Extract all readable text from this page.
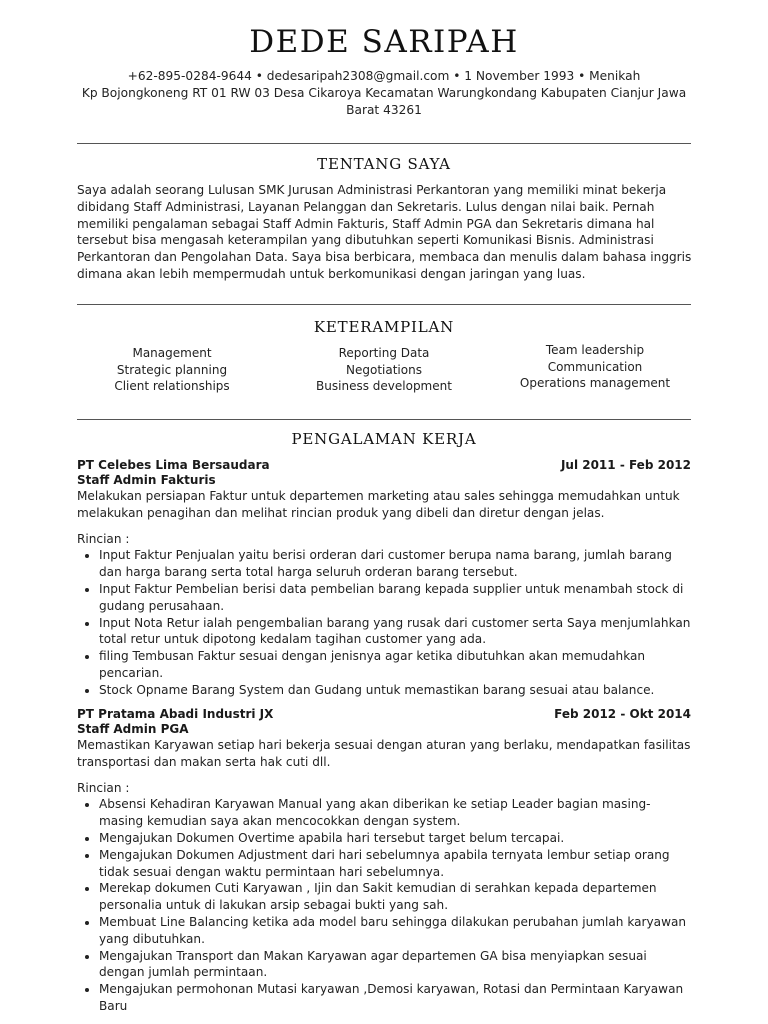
DEDE SARIPAH
+62-895-0284-9644 • dedesaripah2308@gmail.com • 1 November 1993 • Menikah
Kp Bojongkoneng RT 01 RW 03 Desa Cikaroya Kecamatan Warungkondang Kabupaten Cianjur Jawa Barat 43261
TENTANG SAYA
Saya adalah seorang Lulusan SMK Jurusan Administrasi Perkantoran yang memiliki minat bekerja dibidang Staff Administrasi, Layanan Pelanggan dan Sekretaris. Lulus dengan nilai baik. Pernah memiliki pengalaman sebagai Staff Admin Fakturis, Staff Admin PGA dan Sekretaris dimana hal tersebut bisa mengasah keterampilan yang dibutuhkan seperti Komunikasi Bisnis. Administrasi Perkantoran dan Pengolahan Data. Saya bisa berbicara, membaca dan menulis dalam bahasa inggris dimana akan lebih mempermudah untuk berkomunikasi dengan jaringan yang luas.
KETERAMPILAN
Management
Strategic planning
Client relationships
Reporting Data
Negotiations
Business development
Team leadership
Communication
Operations management
PENGALAMAN KERJA
PT Celebes Lima Bersaudara	Jul 2011 - Feb 2012
Staff Admin Fakturis
Melakukan persiapan Faktur untuk departemen marketing atau sales sehingga memudahkan untuk melakukan penagihan dan melihat rincian produk yang dibeli dan diretur dengan jelas.
Rincian :
• Input Faktur Penjualan yaitu berisi orderan dari customer berupa nama barang, jumlah barang dan harga barang serta total harga seluruh orderan barang tersebut.
• Input Faktur Pembelian berisi data pembelian barang kepada supplier untuk menambah stock di gudang perusahaan.
• Input Nota Retur ialah pengembalian barang yang rusak dari customer serta Saya menjumlahkan total retur untuk dipotong kedalam tagihan customer yang ada.
• filing Tembusan Faktur sesuai dengan jenisnya agar ketika dibutuhkan akan memudahkan pencarian.
• Stock Opname Barang System dan Gudang untuk memastikan barang sesuai atau balance.
PT Pratama Abadi Industri JX	Feb 2012 - Okt 2014
Staff Admin PGA
Memastikan Karyawan setiap hari bekerja sesuai dengan aturan yang berlaku, mendapatkan fasilitas transportasi dan makan serta hak cuti dll.
Rincian :
• Absensi Kehadiran Karyawan Manual yang akan diberikan ke setiap Leader bagian masing-masing kemudian saya akan mencocokkan dengan system.
• Mengajukan Dokumen Overtime apabila hari tersebut target belum tercapai.
• Mengajukan Dokumen Adjustment dari hari sebelumnya apabila ternyata lembur setiap orang tidak sesuai dengan waktu permintaan hari sebelumnya.
• Merekap dokumen Cuti Karyawan , Ijin dan Sakit kemudian di serahkan kepada departemen personalia untuk di lakukan arsip sebagai bukti yang sah.
• Membuat Line Balancing ketika ada model baru sehingga dilakukan perubahan jumlah karyawan yang dibutuhkan.
• Mengajukan Transport dan Makan Karyawan agar departemen GA bisa menyiapkan sesuai dengan jumlah permintaan.
• Mengajukan permohonan Mutasi karyawan ,Demosi karyawan, Rotasi dan Permintaan Karyawan Baru
